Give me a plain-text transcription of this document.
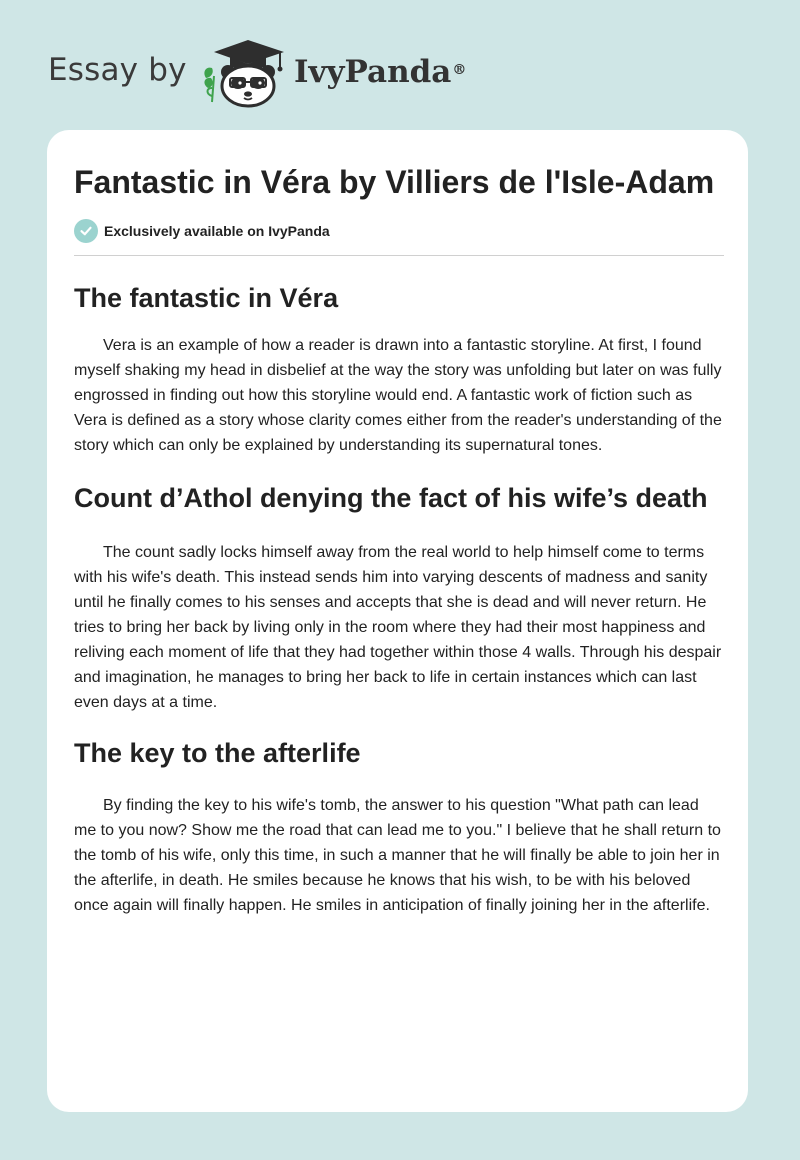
Essay by	IvyPanda®
Fantastic in Véra by Villiers de l'Isle-Adam
Exclusively available on IvyPanda
The fantastic in Véra

Vera is an example of how a reader is drawn into a fantastic storyline. At first, I found myself shaking my head in disbelief at the way the story was unfolding but later on was fully engrossed in finding out how this storyline would end. A fantastic work of fiction such as Vera is defined as a story whose clarity comes either from the reader's understanding of the story which can only be explained by understanding its supernatural tones.

Count d’Athol denying the fact of his wife’s death

The count sadly locks himself away from the real world to help himself come to terms with his wife's death. This instead sends him into varying descents of madness and sanity until he finally comes to his senses and accepts that she is dead and will never return. He tries to bring her back by living only in the room where they had their most happiness and reliving each moment of life that they had together within those 4 walls. Through his despair and imagination, he manages to bring her back to life in certain instances which can last even days at a time.

The key to the afterlife

By finding the key to his wife's tomb, the answer to his question "What path can lead me to you now? Show me the road that can lead me to you." I believe that he shall return to the tomb of his wife, only this time, in such a manner that he will finally be able to join her in the afterlife, in death. He smiles because he knows that his wish, to be with his beloved once again will finally happen. He smiles in anticipation of finally joining her in the afterlife.
